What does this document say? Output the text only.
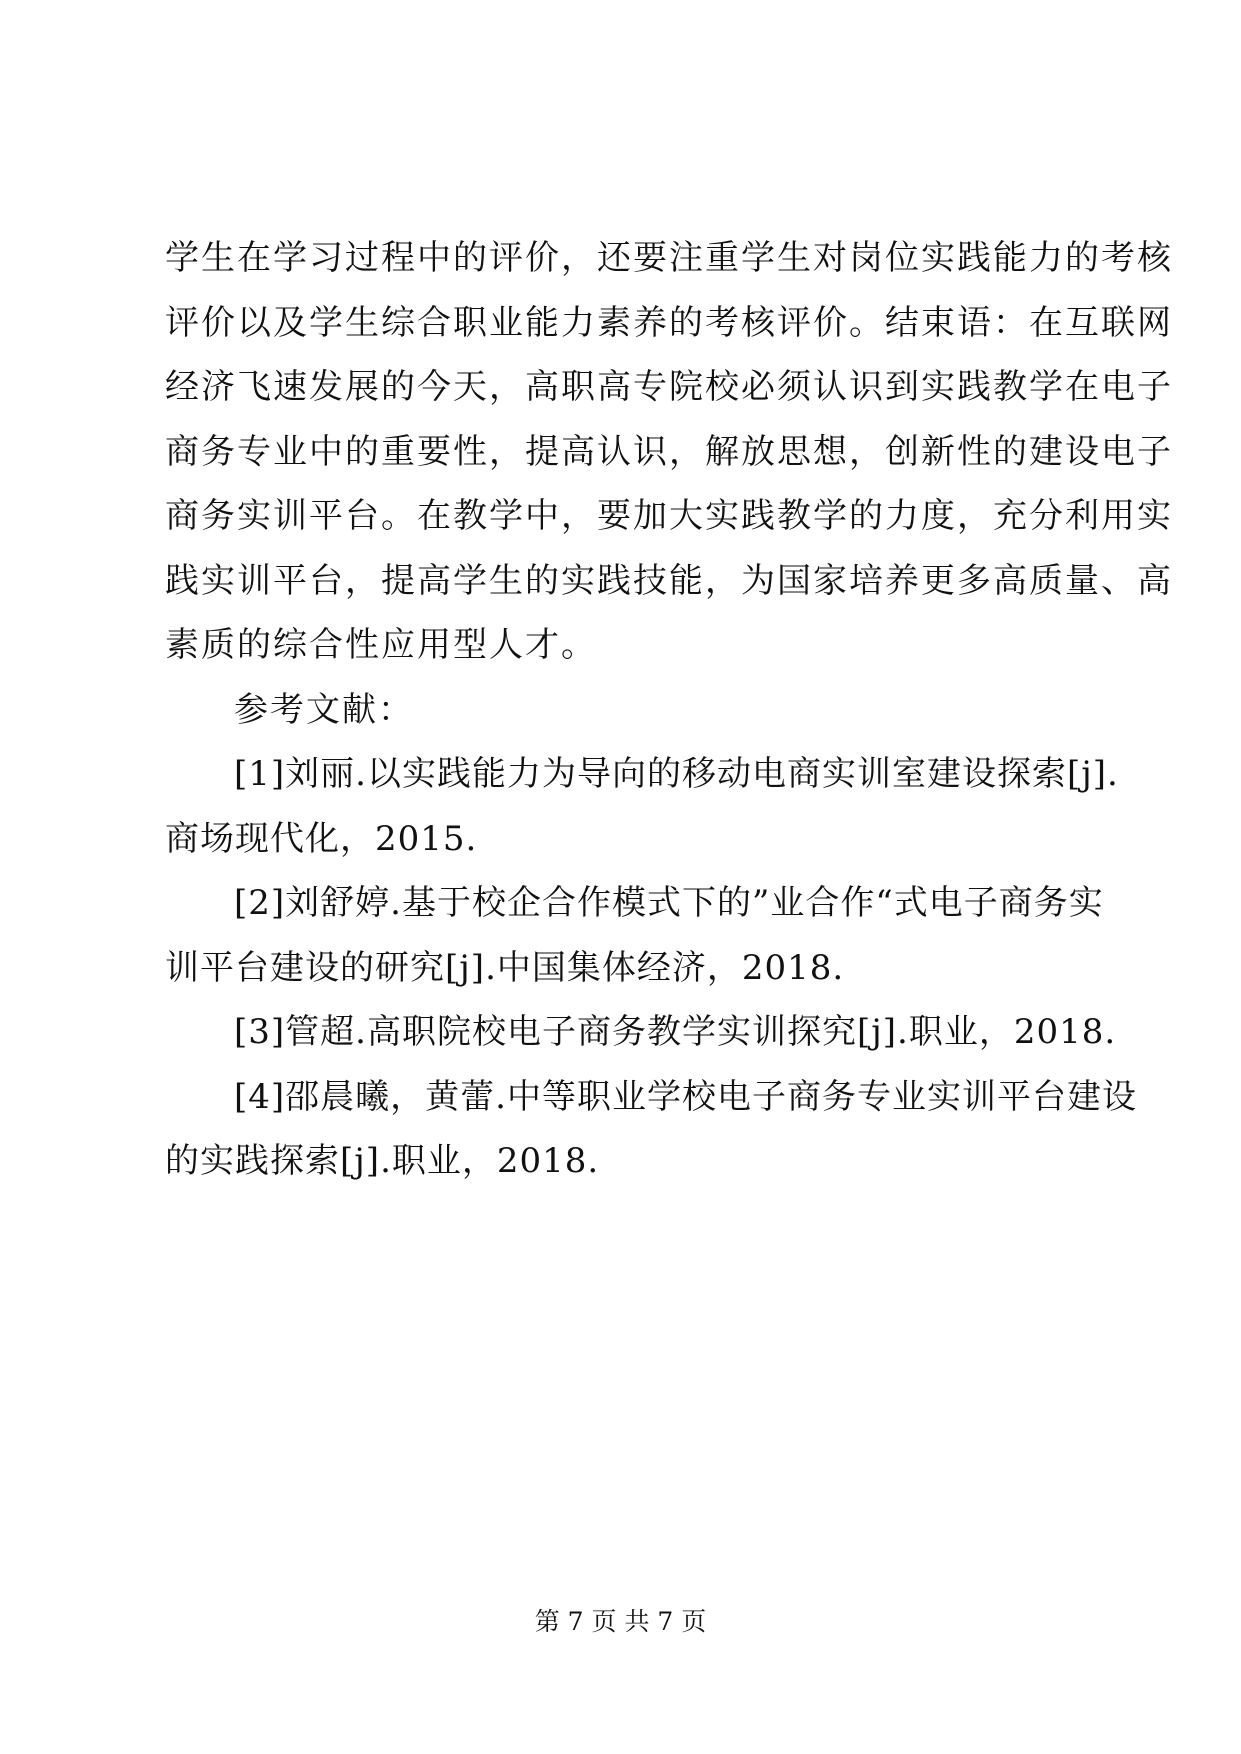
学生在学习过程中的评价，还要注重学生对岗位实践能力的考核
评价以及学生综合职业能力素养的考核评价。结束语：在互联网
经济飞速发展的今天，高职高专院校必须认识到实践教学在电子
商务专业中的重要性，提高认识，解放思想，创新性的建设电子
商务实训平台。在教学中，要加大实践教学的力度，充分利用实
践实训平台，提高学生的实践技能，为国家培养更多高质量、高
素质的综合性应用型人才。

参考文献：

[1]刘丽.以实践能力为导向的移动电商实训室建设探索[j].
商场现代化，2015.
[2]刘舒婷.基于校企合作模式下的”业合作“式电子商务实
训平台建设的研究[j].中国集体经济，2018.
[3]管超.高职院校电子商务教学实训探究[j].职业，2018.
[4]邵晨曦，黄蕾.中等职业学校电子商务专业实训平台建设
的实践探索[j].职业，2018.
第 7 页 共 7 页
